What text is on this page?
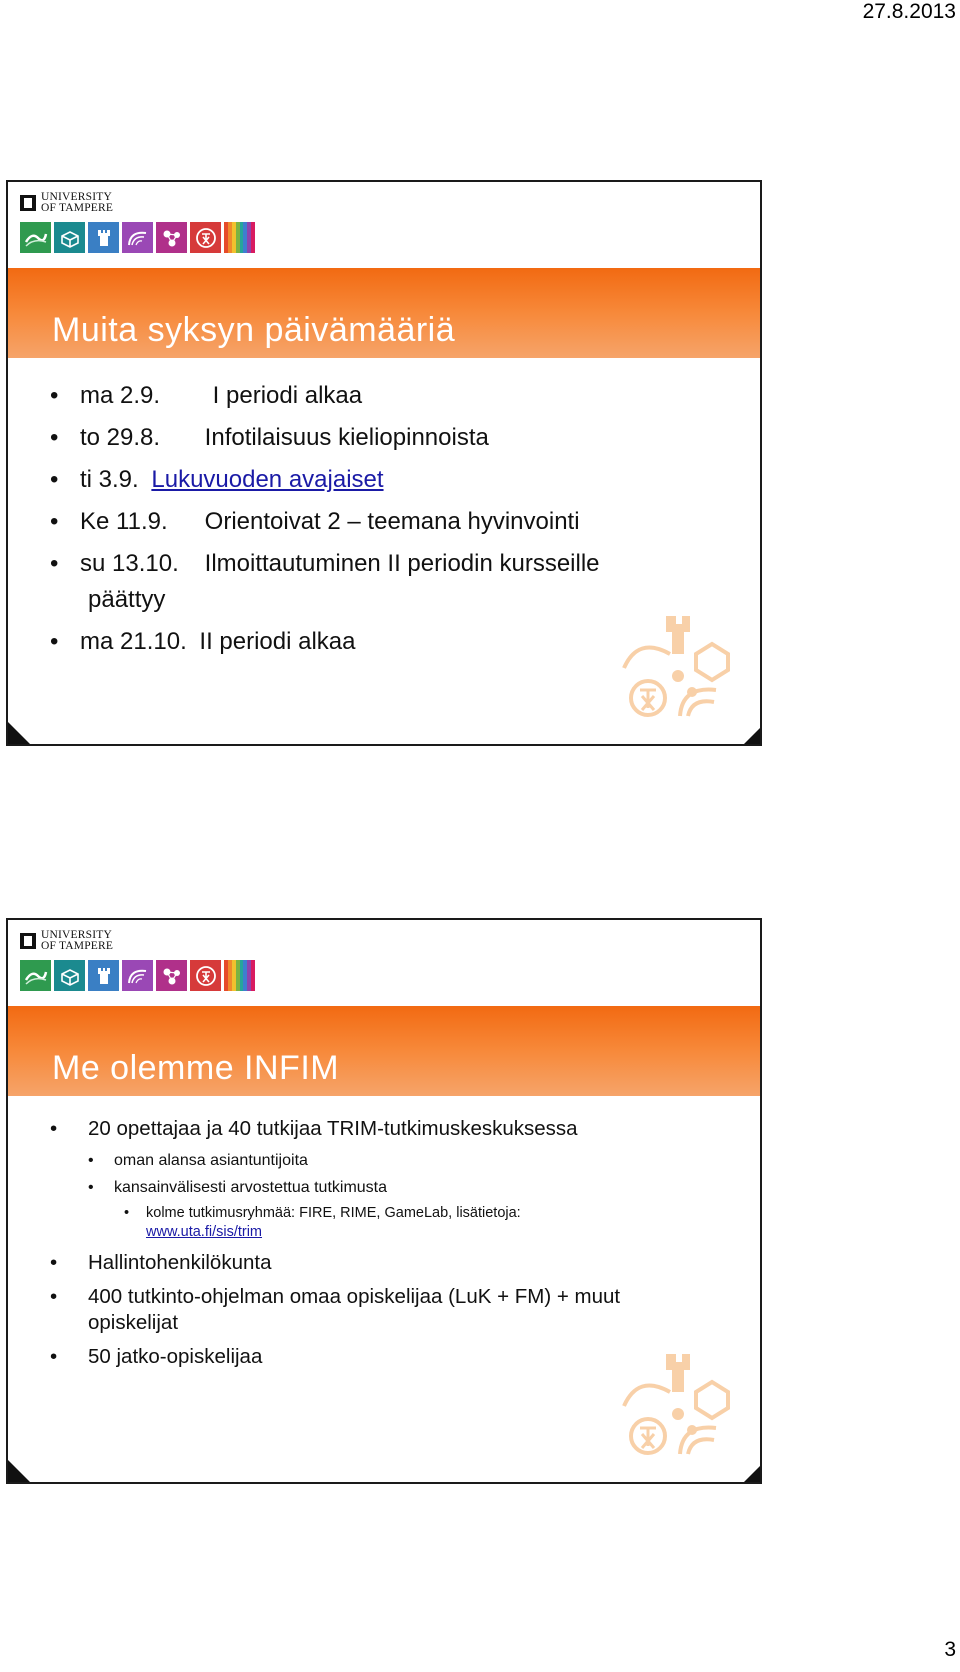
27.8.2013
UNIVERSITY
OF TAMPERE
Muita syksyn päivämääriä
• ma 2.9. I periodi alkaa
• to 29.8. Infotilaisuus kieliopinnoista
• ti 3.9. Lukuvuoden avajaiset
• Ke 11.9. Orientoivat 2 – teemana hyvinvointi
• su 13.10. Ilmoittautuminen II periodin kursseille
päättyy
• ma 21.10. II periodi alkaa
UNIVERSITY
OF TAMPERE
Me olemme INFIM
• 20 opettajaa ja 40 tutkijaa TRIM-tutkimuskeskuksessa
• oman alansa asiantuntijoita
• kansainvälisesti arvostettua tutkimusta
• kolme tutkimusryhmää: FIRE, RIME, GameLab, lisätietoja:
www.uta.fi/sis/trim
• Hallintohenkilökunta
• 400 tutkinto-ohjelman omaa opiskelijaa (LuK + FM) + muut
opiskelijat
• 50 jatko-opiskelijaa
3
